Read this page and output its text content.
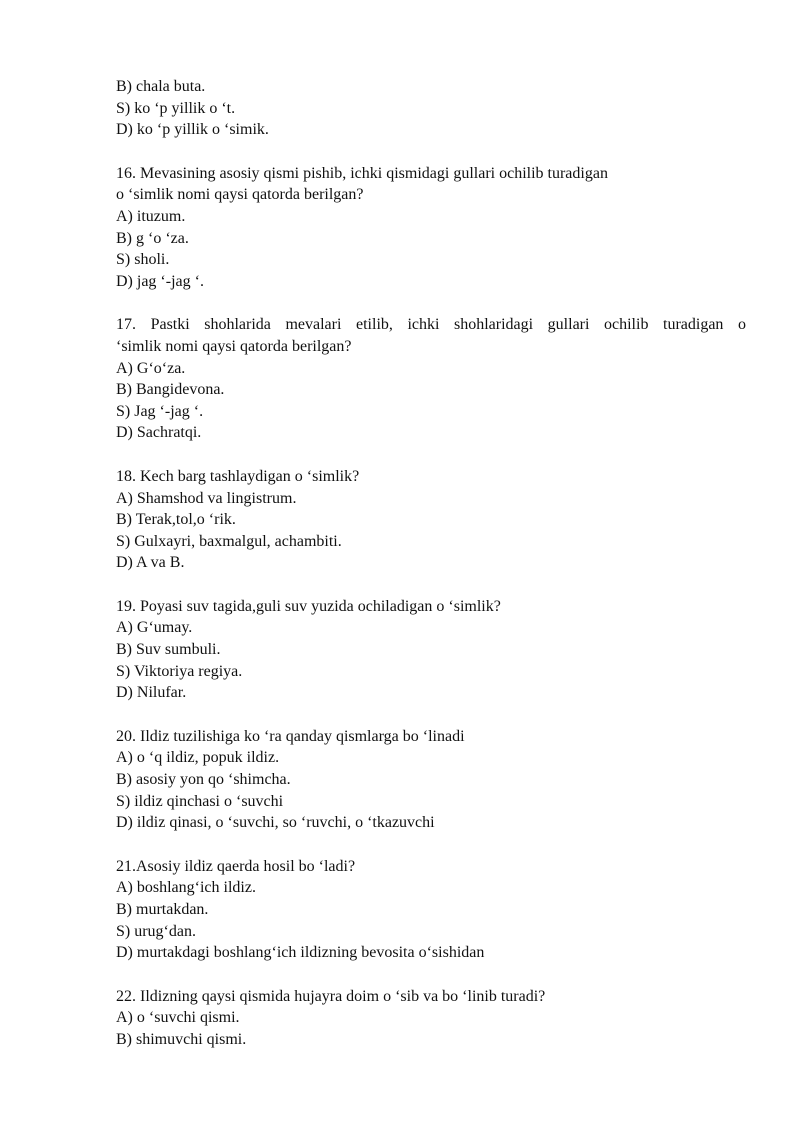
B) chala buta.
S) ko ‘p yillik o ‘t.
D) ko ‘p yillik o ‘simik.
16. Mevasining asosiy qismi pishib, ichki qismidagi gullari ochilib turadigan
o ‘simlik nomi qaysi qatorda berilgan?
A) ituzum.
B) g ‘o ‘za.
S) sholi.
D) jag ‘-jag ‘.
17. Pastki shohlarida mevalari etilib, ichki shohlaridagi gullari ochilib turadigan o
‘simlik nomi qaysi qatorda berilgan?
A) G‘o‘za.
B) Bangidevona.
S) Jag ‘-jag ‘.
D) Sachratqi.
18. Kech barg tashlaydigan o ‘simlik?
A) Shamshod va lingistrum.
B) Terak,tol,o ‘rik.
S) Gulxayri, baxmalgul, achambiti.
D) A va B.
19. Poyasi suv tagida,guli suv yuzida ochiladigan o ‘simlik?
A) G‘umay.
B) Suv sumbuli.
S) Viktoriya regiya.
D) Nilufar.
20. Ildiz tuzilishiga ko ‘ra qanday qismlarga bo ‘linadi
A) o ‘q ildiz, popuk ildiz.
B) asosiy yon qo ‘shimcha.
S) ildiz qinchasi o ‘suvchi
D) ildiz qinasi, o ‘suvchi, so ‘ruvchi, o ‘tkazuvchi
21.Asosiy ildiz qaerda hosil bo ‘ladi?
A) boshlang‘ich ildiz.
B) murtakdan.
S) urug‘dan.
D) murtakdagi boshlang‘ich ildizning bevosita o‘sishidan
22. Ildizning qaysi qismida hujayra doim o ‘sib va bo ‘linib turadi?
A) o ‘suvchi qismi.
B) shimuvchi qismi.
